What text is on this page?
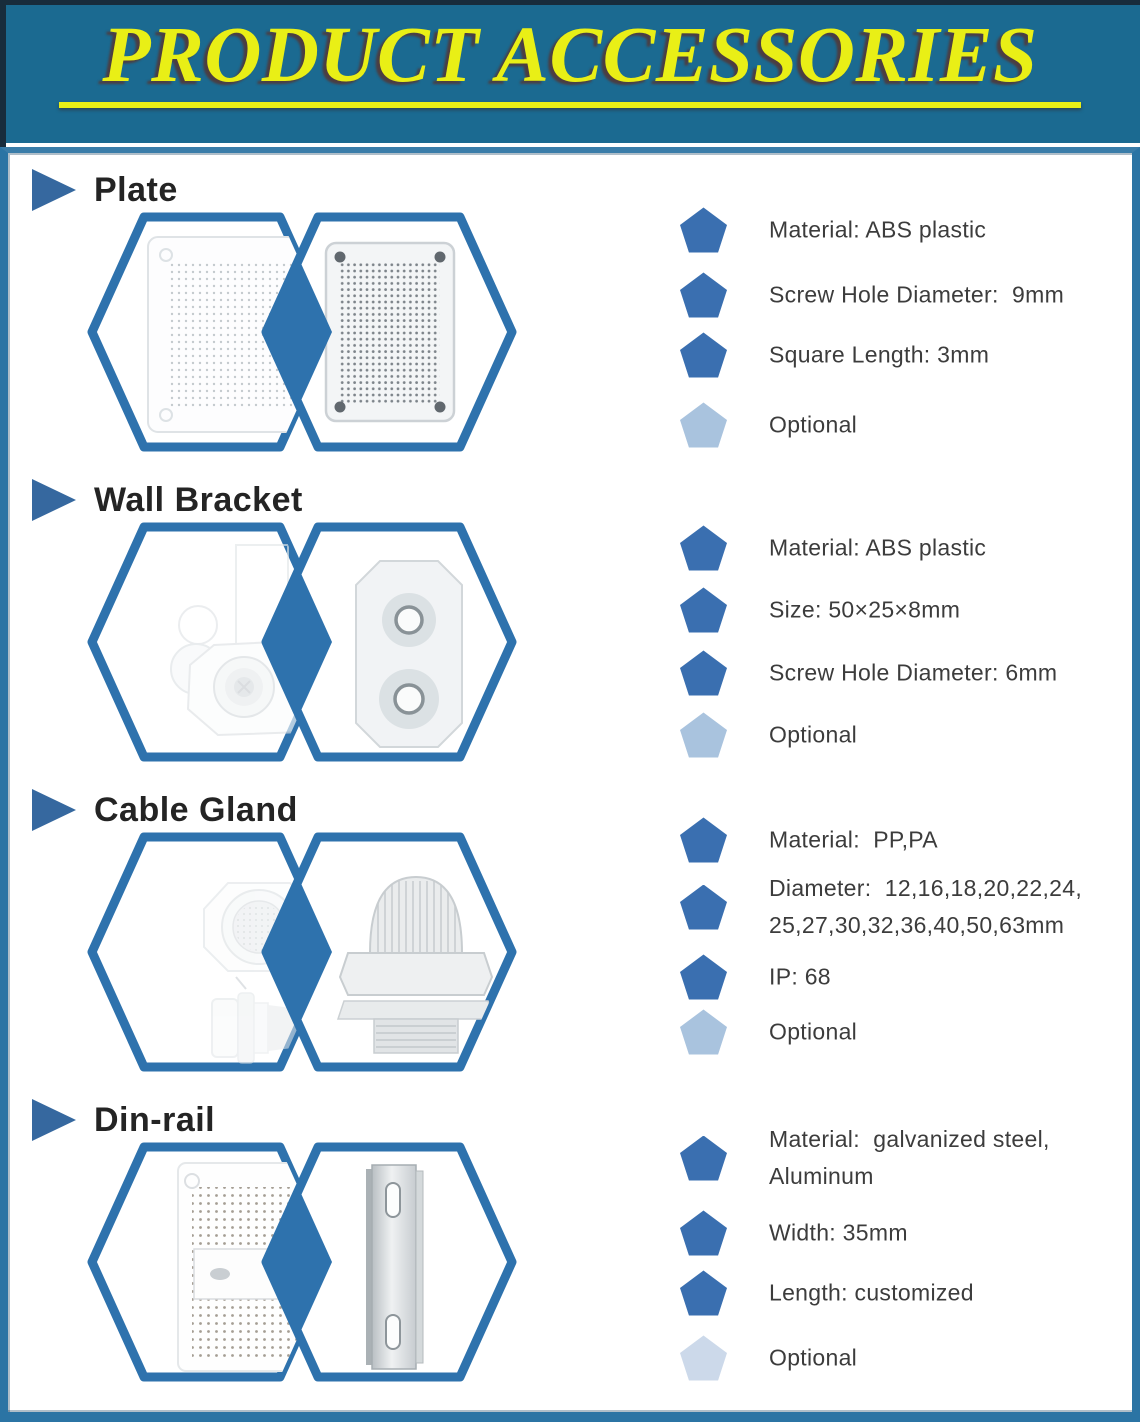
PRODUCT ACCESSORIES
Plate
Material: ABS plastic
Screw Hole Diameter:  9mm
Square Length: 3mm
Optional
Wall Bracket
Material: ABS plastic
Size: 50×25×8mm
Screw Hole Diameter: 6mm
Optional
Cable Gland
Material:  PP,PA
Diameter:  12,16,18,20,22,24,
25,27,30,32,36,40,50,63mm
IP: 68
Optional
Din-rail
Material:  galvanized steel,
Aluminum
Width: 35mm
Length: customized
Optional
